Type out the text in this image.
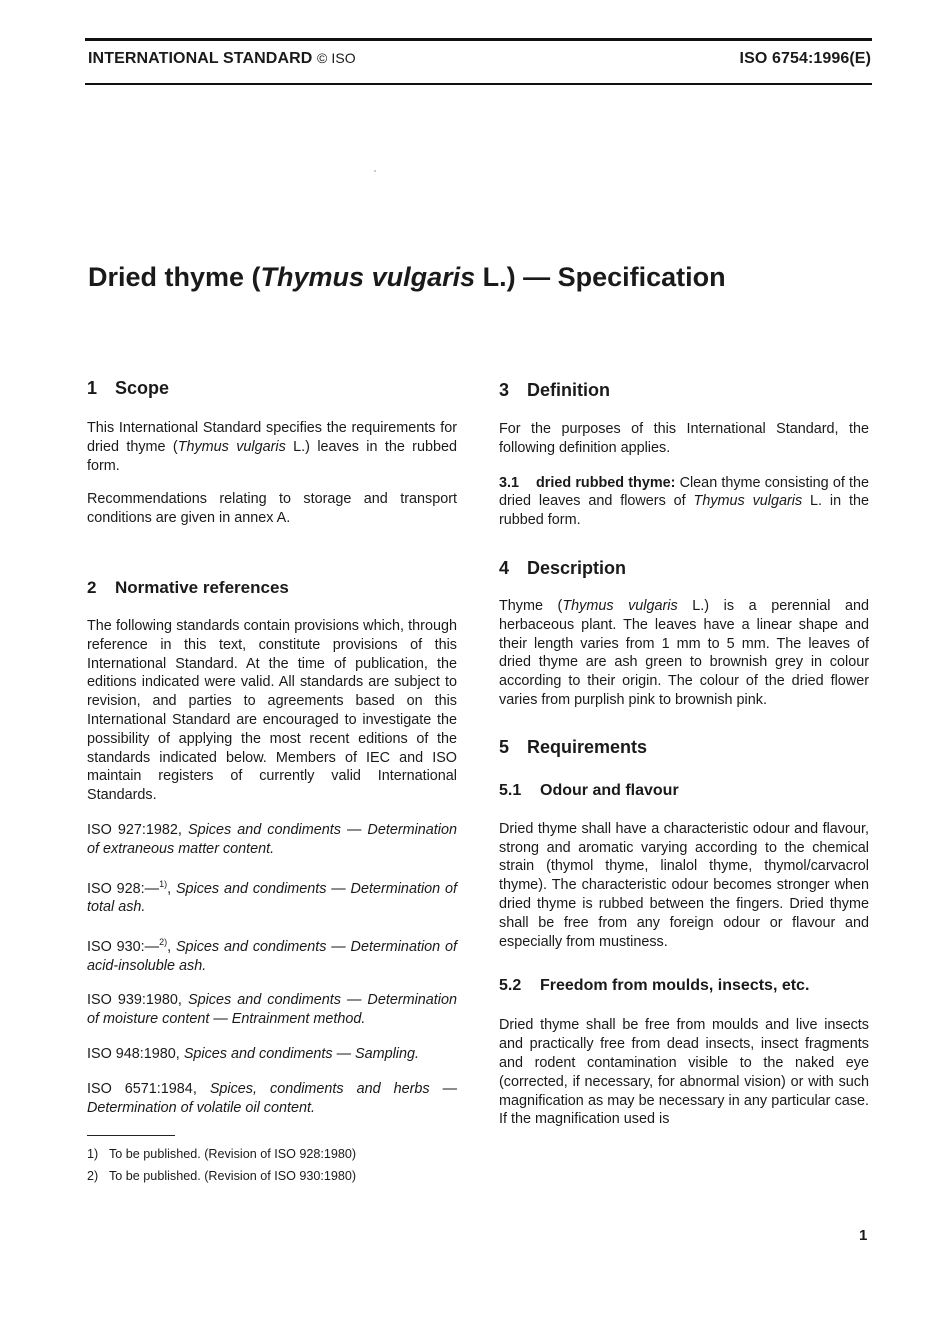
INTERNATIONAL STANDARD © ISO	ISO 6754:1996(E)
Dried thyme (Thymus vulgaris L.) — Specification
1 Scope

This International Standard specifies the requirements for dried thyme (Thymus vulgaris L.) leaves in the rubbed form.

Recommendations relating to storage and transport conditions are given in annex A.

2 Normative references

The following standards contain provisions which, through reference in this text, constitute provisions of this International Standard. At the time of publication, the editions indicated were valid. All standards are subject to revision, and parties to agreements based on this International Standard are encouraged to investigate the possibility of applying the most recent editions of the standards indicated below. Members of IEC and ISO maintain registers of currently valid International Standards.

ISO 927:1982, Spices and condiments — Determination of extraneous matter content.
ISO 928:—$^{1)}$, Spices and condiments — Determination of total ash.
ISO 930:—$^{2)}$, Spices and condiments — Determination of acid-insoluble ash.
ISO 939:1980, Spices and condiments — Determination of moisture content — Entrainment method.
ISO 948:1980, Spices and condiments — Sampling.
ISO 6571:1984, Spices, condiments and herbs — Determination of volatile oil content.
1) To be published. (Revision of ISO 928:1980)
2) To be published. (Revision of ISO 930:1980)
3 Definition

For the purposes of this International Standard, the following definition applies.

3.1 dried rubbed thyme: Clean thyme consisting of the dried leaves and flowers of Thymus vulgaris L. in the rubbed form.

4 Description

Thyme (Thymus vulgaris L.) is a perennial and herbaceous plant. The leaves have a linear shape and their length varies from 1 mm to 5 mm. The leaves of dried thyme are ash green to brownish grey in colour according to their origin. The colour of the dried flower varies from purplish pink to brownish pink.

5 Requirements
5.1 Odour and flavour

Dried thyme shall have a characteristic odour and flavour, strong and aromatic varying according to the chemical strain (thymol thyme, linalol thyme, thymol/carvacrol thyme). The characteristic odour becomes stronger when dried thyme is rubbed between the fingers. Dried thyme shall be free from any foreign odour or flavour and especially from mustiness.

5.2 Freedom from moulds, insects, etc.

Dried thyme shall be free from moulds and live insects and practically free from dead insects, insect fragments and rodent contamination visible to the naked eye (corrected, if necessary, for abnormal vision) or with such magnification as may be necessary in any particular case. If the magnification used is

1
